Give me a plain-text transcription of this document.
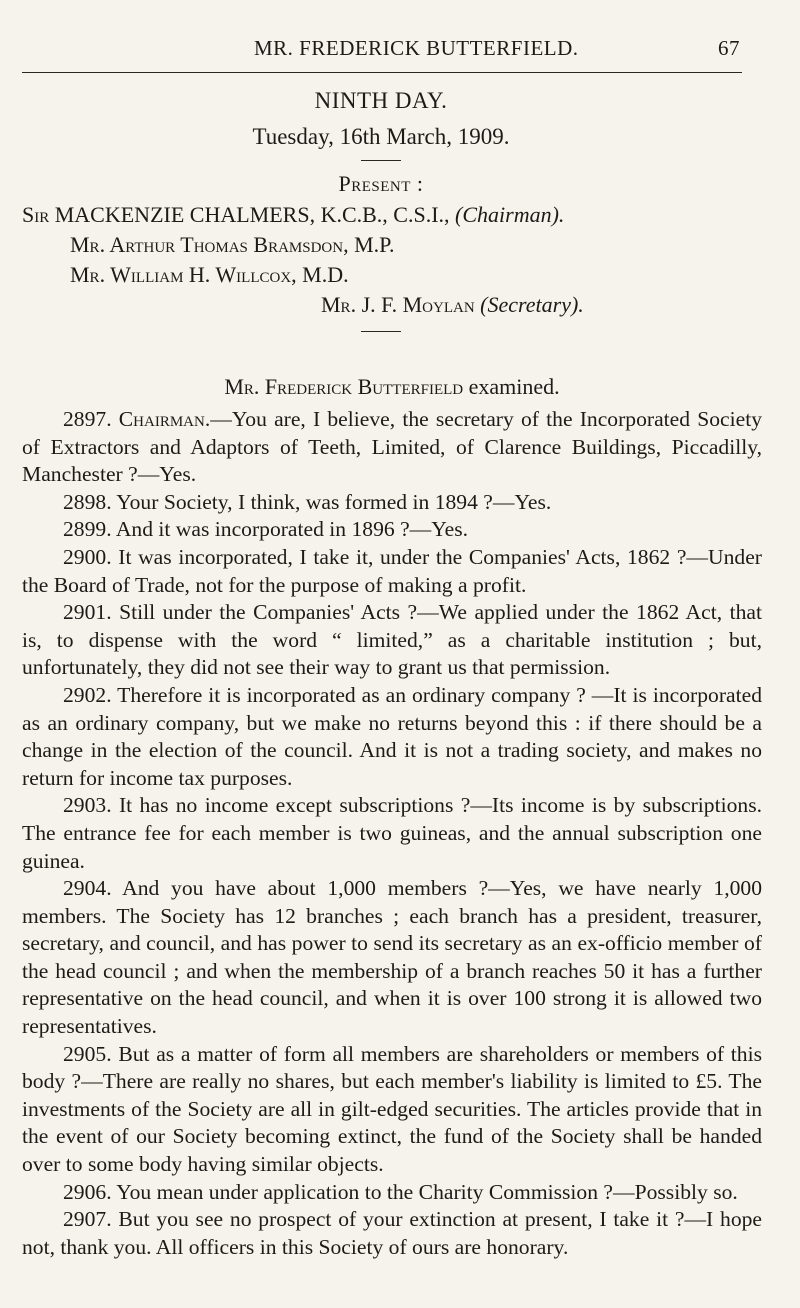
MR. FREDERICK BUTTERFIELD.	67
NINTH DAY.
Tuesday, 16th March, 1909.
Present :
Sir MACKENZIE CHALMERS, K.C.B., C.S.I., (Chairman).
Mr. Arthur Thomas Bramsdon, M.P.
Mr. William H. Willcox, M.D.
Mr. J. F. Moylan (Secretary).
Mr. Frederick Butterfield examined.

2897. Chairman.—You are, I believe, the secretary of the Incorporated Society of Extractors and Adaptors of Teeth, Limited, of Clarence Buildings, Piccadilly, Manchester ?—Yes.

2898. Your Society, I think, was formed in 1894 ?—Yes.

2899. And it was incorporated in 1896 ?—Yes.

2900. It was incorporated, I take it, under the Companies' Acts, 1862 ?—Under the Board of Trade, not for the purpose of making a profit.

2901. Still under the Companies' Acts ?—We applied under the 1862 Act, that is, to dispense with the word “ limited,” as a charitable institution ; but, unfortunately, they did not see their way to grant us that permission.

2902. Therefore it is incorporated as an ordinary company ? —It is incorporated as an ordinary company, but we make no returns beyond this : if there should be a change in the election of the council. And it is not a trading society, and makes no return for income tax purposes.

2903. It has no income except subscriptions ?—Its income is by subscriptions. The entrance fee for each member is two guineas, and the annual subscription one guinea.

2904. And you have about 1,000 members ?—Yes, we have nearly 1,000 members. The Society has 12 branches ; each branch has a president, treasurer, secretary, and council, and has power to send its secretary as an ex-officio member of the head council ; and when the membership of a branch reaches 50 it has a further representative on the head council, and when it is over 100 strong it is allowed two representatives.

2905. But as a matter of form all members are shareholders or members of this body ?—There are really no shares, but each member's liability is limited to £5. The investments of the Society are all in gilt-edged securities. The articles provide that in the event of our Society becoming extinct, the fund of the Society shall be handed over to some body having similar objects.

2906. You mean under application to the Charity Commission ?—Possibly so.

2907. But you see no prospect of your extinction at present, I take it ?—I hope not, thank you. All officers in this Society of ours are honorary.
